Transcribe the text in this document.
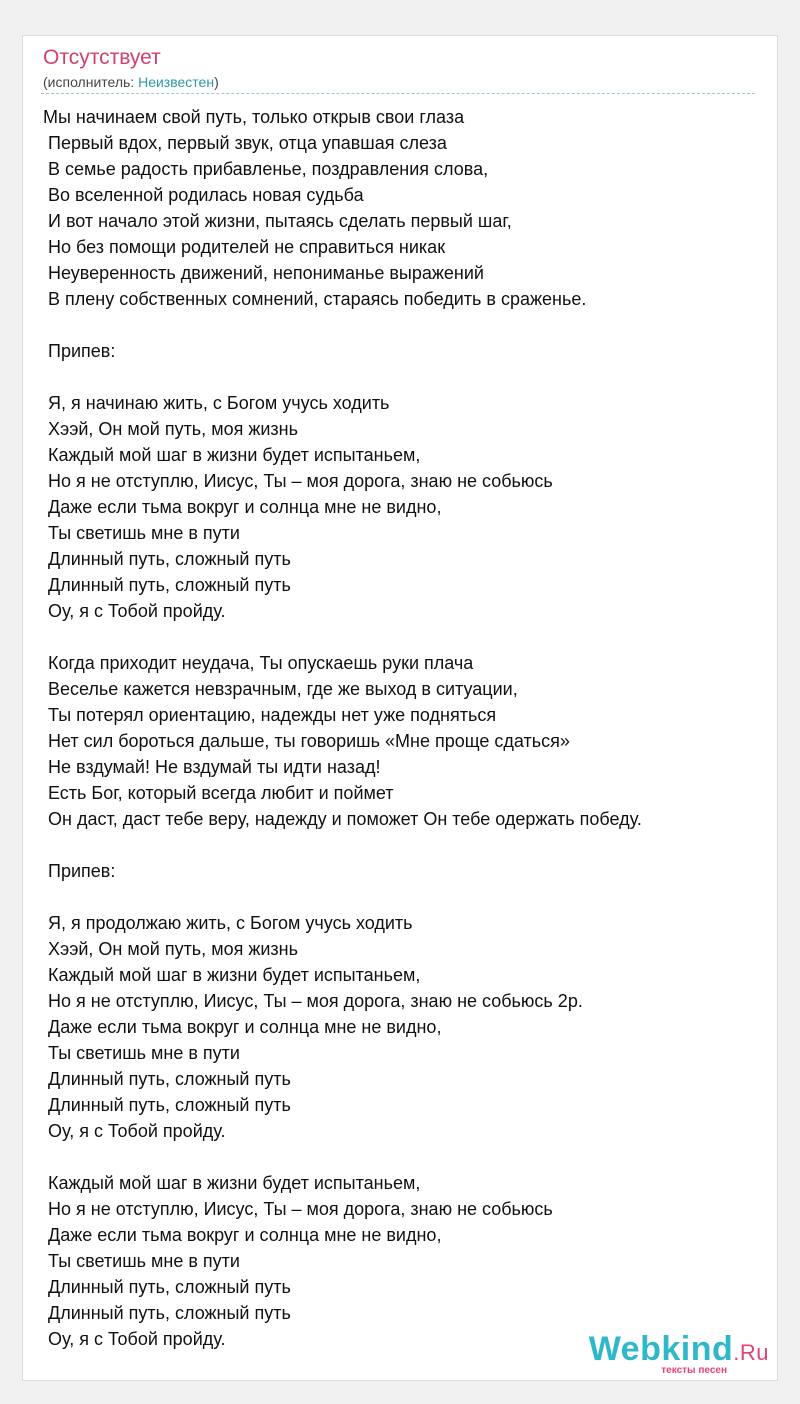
Отсутствует
(исполнитель: Неизвестен)
Мы начинаем свой путь, только открыв свои глаза
Первый вдох, первый звук, отца упавшая слеза
В семье радость прибавленье, поздравления слова,
Во вселенной родилась новая судьба
И вот начало этой жизни, пытаясь сделать первый шаг,
Но без помощи родителей не справиться никак
Неуверенность движений, непониманье выражений
В плену собственных сомнений, стараясь победить в сраженье.
Припев:
Я, я начинаю жить, с Богом учусь ходить
Хээй, Он мой путь, моя жизнь
Каждый мой шаг в жизни будет испытаньем,
Но я не отступлю, Иисус, Ты – моя дорога, знаю не собьюсь
Даже если тьма вокруг и солнца мне не видно,
Ты светишь мне в пути
Длинный путь, сложный путь
Длинный путь, сложный путь
Оу, я с Тобой пройду.
Когда приходит неудача, Ты опускаешь руки плача
Веселье кажется невзрачным, где же выход в ситуации,
Ты потерял ориентацию, надежды нет уже подняться
Нет сил бороться дальше, ты говоришь «Мне проще сдаться»
Не вздумай! Не вздумай ты идти назад!
Есть Бог, который всегда любит и поймет
Он даст, даст тебе веру, надежду и поможет Он тебе одержать победу.
Припев:
Я, я продолжаю жить, с Богом учусь ходить
Хээй, Он мой путь, моя жизнь
Каждый мой шаг в жизни будет испытаньем,
Но я не отступлю, Иисус, Ты – моя дорога, знаю не собьюсь 2р.
Даже если тьма вокруг и солнца мне не видно,
Ты светишь мне в пути
Длинный путь, сложный путь
Длинный путь, сложный путь
Оу, я с Тобой пройду.
Каждый мой шаг в жизни будет испытаньем,
Но я не отступлю, Иисус, Ты – моя дорога, знаю не собьюсь
Даже если тьма вокруг и солнца мне не видно,
Ты светишь мне в пути
Длинный путь, сложный путь
Длинный путь, сложный путь
Оу, я с Тобой пройду.	Webkind.Ru
тексты песен
